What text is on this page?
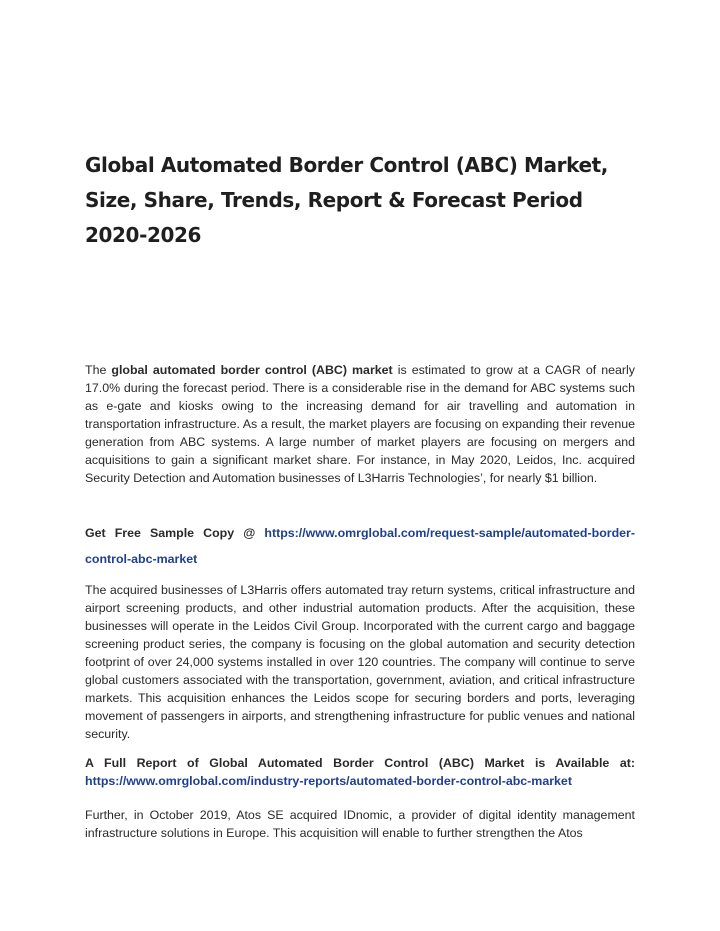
Global Automated Border Control (ABC) Market, Size, Share, Trends, Report & Forecast Period 2020-2026

The global automated border control (ABC) market is estimated to grow at a CAGR of nearly 17.0% during the forecast period. There is a considerable rise in the demand for ABC systems such as e-gate and kiosks owing to the increasing demand for air travelling and automation in transportation infrastructure. As a result, the market players are focusing on expanding their revenue generation from ABC systems. A large number of market players are focusing on mergers and acquisitions to gain a significant market share. For instance, in May 2020, Leidos, Inc. acquired Security Detection and Automation businesses of L3Harris Technologies’, for nearly $1 billion.

Get Free Sample Copy @ https://www.omrglobal.com/request-sample/automated-border-control-abc-market

The acquired businesses of L3Harris offers automated tray return systems, critical infrastructure and airport screening products, and other industrial automation products. After the acquisition, these businesses will operate in the Leidos Civil Group. Incorporated with the current cargo and baggage screening product series, the company is focusing on the global automation and security detection footprint of over 24,000 systems installed in over 120 countries. The company will continue to serve global customers associated with the transportation, government, aviation, and critical infrastructure markets. This acquisition enhances the Leidos scope for securing borders and ports, leveraging movement of passengers in airports, and strengthening infrastructure for public venues and national security.

A Full Report of Global Automated Border Control (ABC) Market is Available at: https://www.omrglobal.com/industry-reports/automated-border-control-abc-market

Further, in October 2019, Atos SE acquired IDnomic, a provider of digital identity management infrastructure solutions in Europe. This acquisition will enable to further strengthen the Atos
